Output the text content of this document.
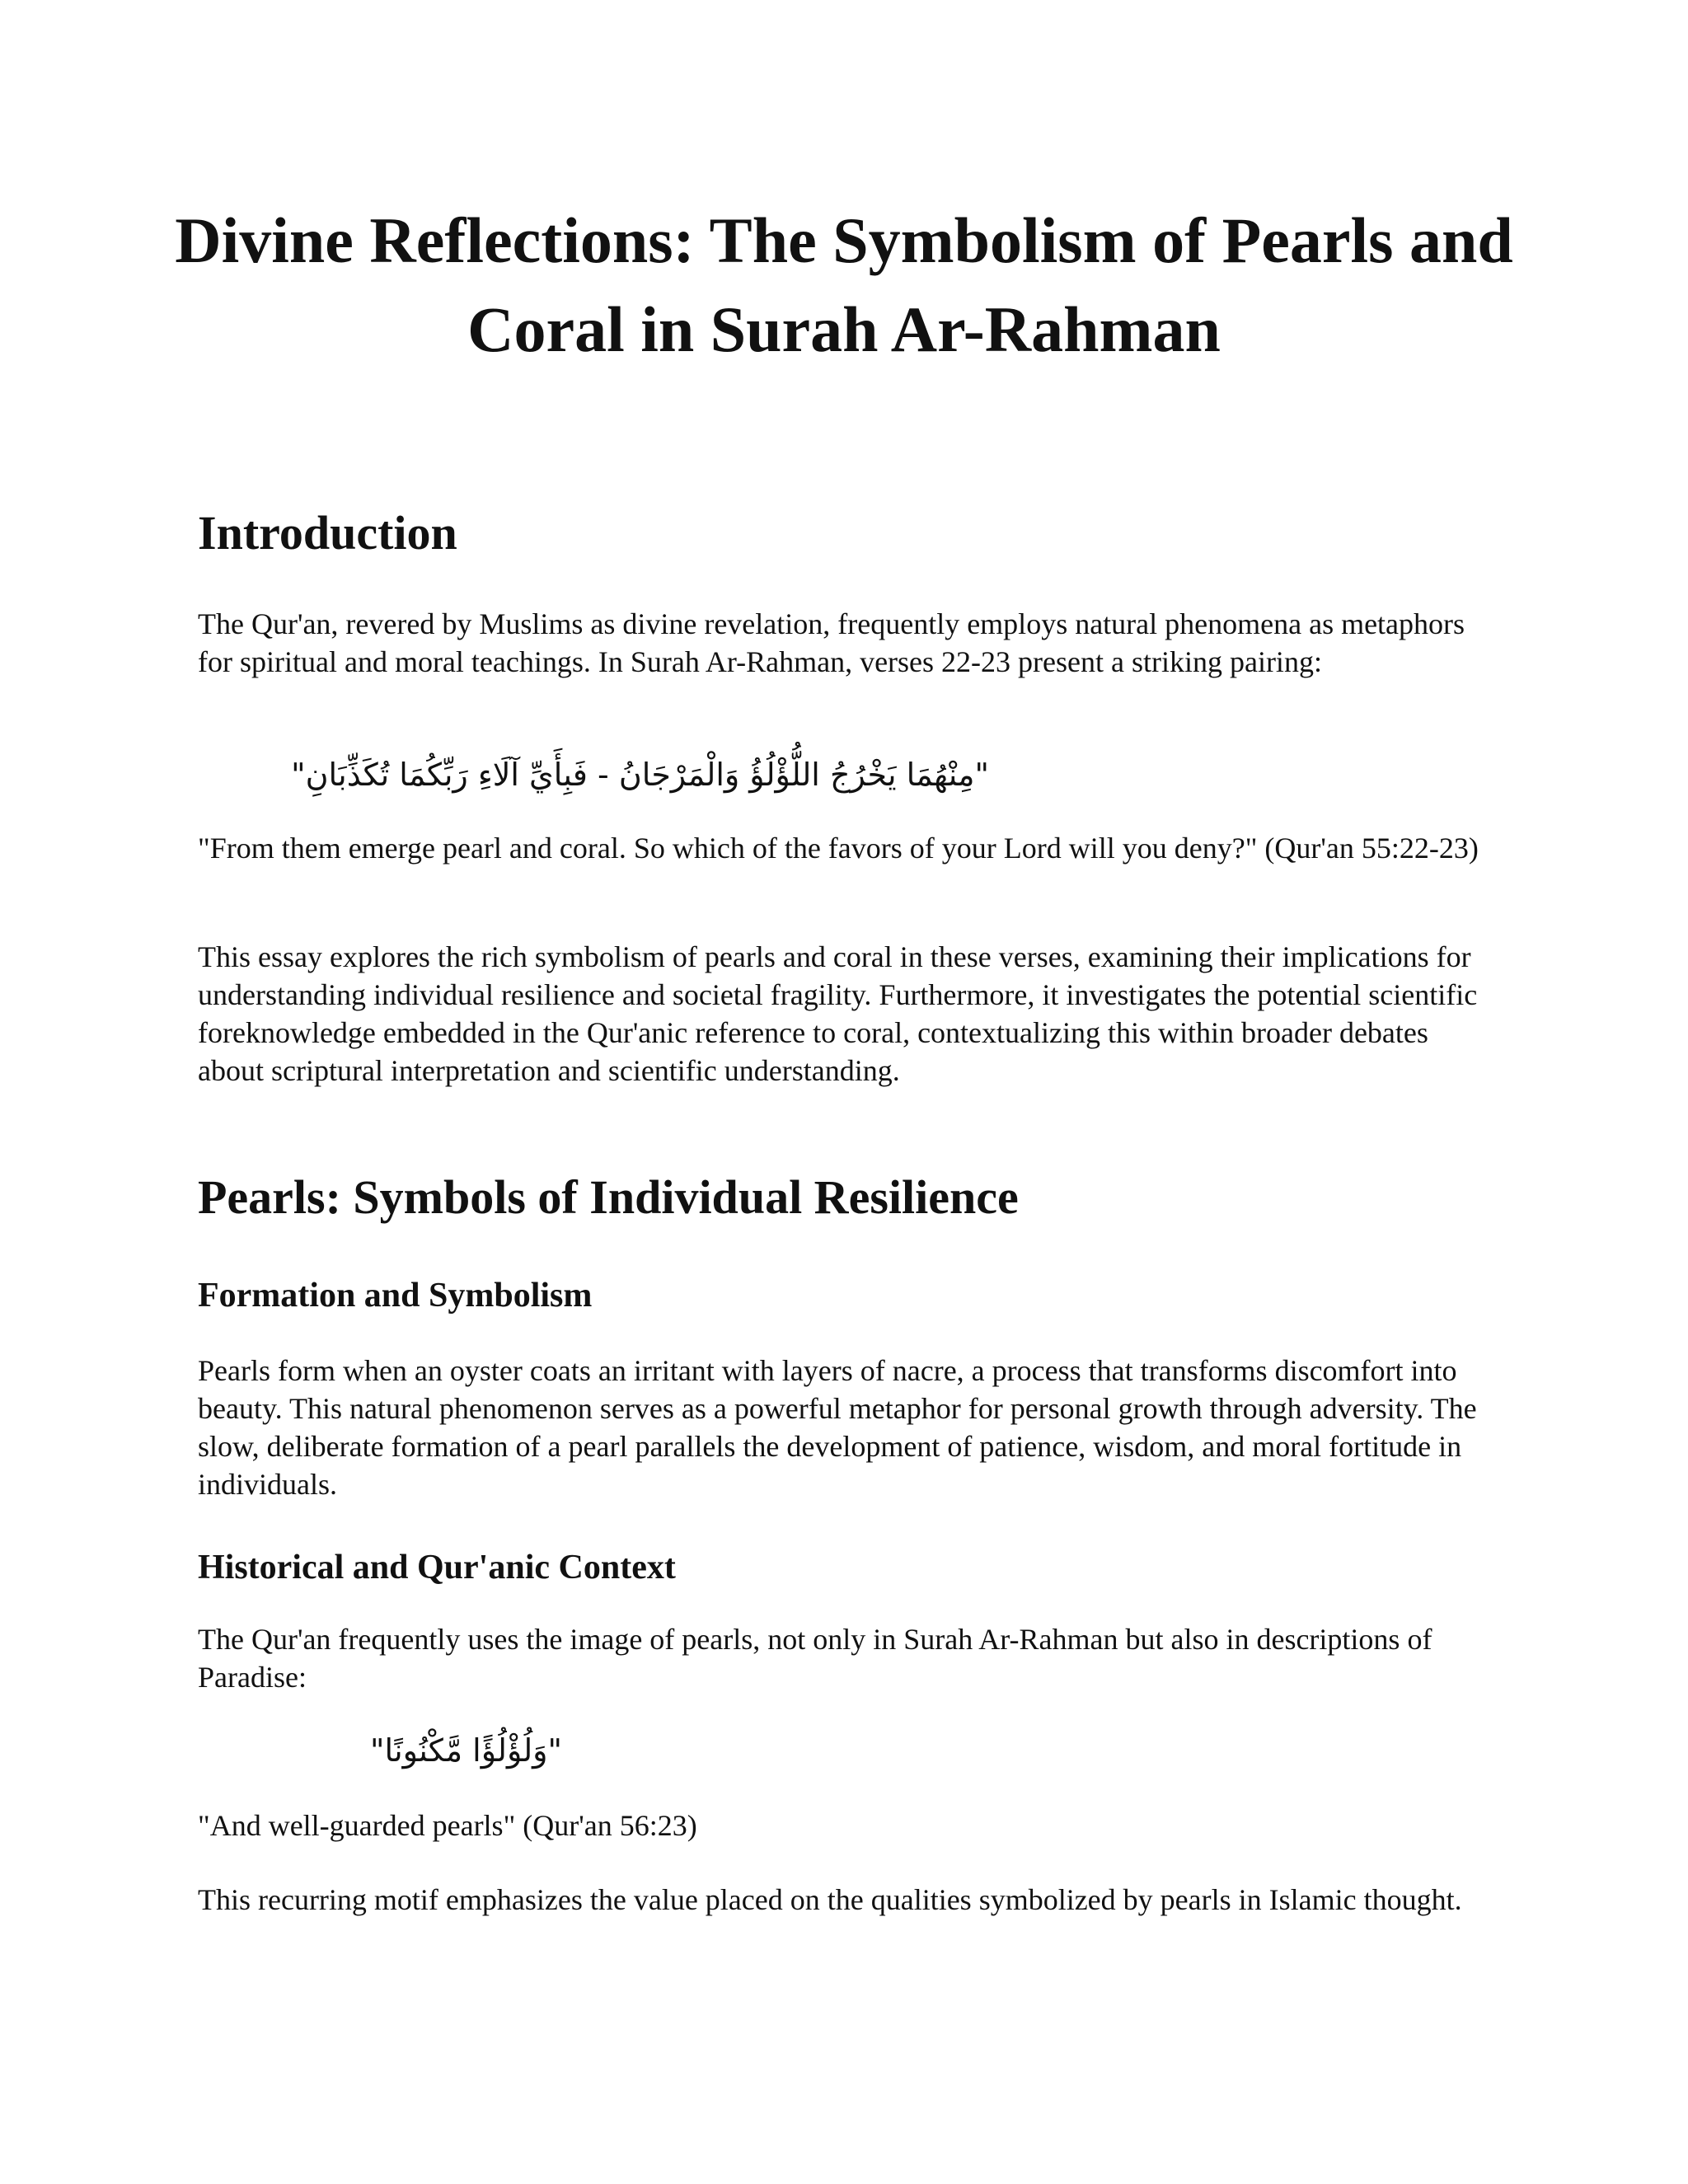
Divine Reflections: The Symbolism of Pearls and Coral in Surah Ar-Rahman
Introduction

The Qur'an, revered by Muslims as divine revelation, frequently employs natural phenomena as metaphors for spiritual and moral teachings. In Surah Ar-Rahman, verses 22-23 present a striking pairing:

"مِنْهُمَا يَخْرُجُ اللُّؤْلُؤُ وَالْمَرْجَانُ - فَبِأَيِّ آلَاءِ رَبِّكُمَا تُكَذِّبَانِ"

"From them emerge pearl and coral. So which of the favors of your Lord will you deny?" (Qur'an 55:22-23)

This essay explores the rich symbolism of pearls and coral in these verses, examining their implications for understanding individual resilience and societal fragility. Furthermore, it investigates the potential scientific foreknowledge embedded in the Qur'anic reference to coral, contextualizing this within broader debates about scriptural interpretation and scientific understanding.

Pearls: Symbols of Individual Resilience
Formation and Symbolism

Pearls form when an oyster coats an irritant with layers of nacre, a process that transforms discomfort into beauty. This natural phenomenon serves as a powerful metaphor for personal growth through adversity. The slow, deliberate formation of a pearl parallels the development of patience, wisdom, and moral fortitude in individuals.

Historical and Qur'anic Context

The Qur'an frequently uses the image of pearls, not only in Surah Ar-Rahman but also in descriptions of Paradise:

"وَلُؤْلُؤًا مَّكْنُونًا"

"And well-guarded pearls" (Qur'an 56:23)

This recurring motif emphasizes the value placed on the qualities symbolized by pearls in Islamic thought.
